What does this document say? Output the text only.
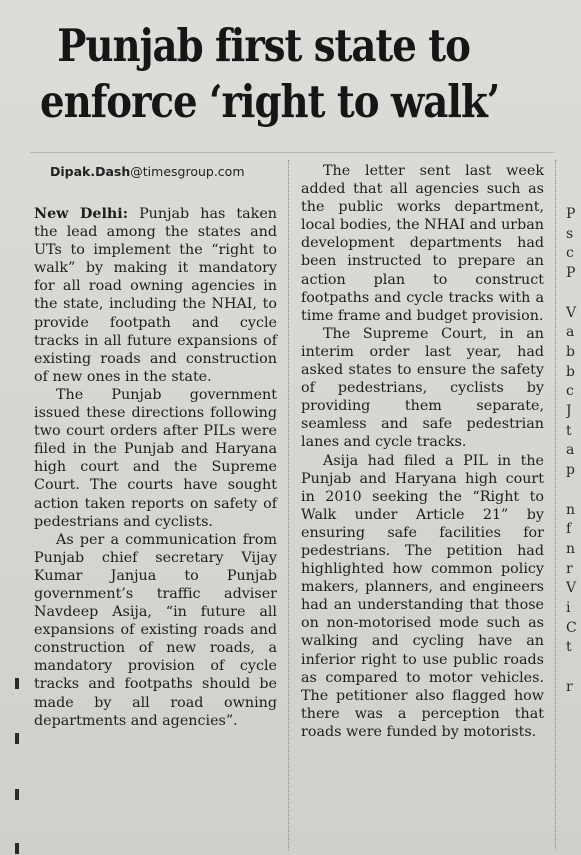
Punjab first state to
enforce ‘right to walk’
Dipak.Dash@timesgroup.com

New Delhi: Punjab has taken the lead among the states and UTs to implement the “right to walk” by making it mandatory for all road owning agencies in the state, including the NHAI, to provide footpath and cycle tracks in all future expansions of existing roads and construction of new ones in the state.

The Punjab government issued these directions following two court orders after PILs were filed in the Punjab and Haryana high court and the Supreme Court. The courts have sought action taken reports on safety of pedestrians and cyclists.

As per a communication from Punjab chief secretary Vijay Kumar Janjua to Punjab government’s traffic adviser Navdeep Asija, “in future all expansions of existing roads and construction of new roads, a mandatory provision of cycle tracks and footpaths should be made by all road owning departments and agencies”.

The letter sent last week added that all agencies such as the public works department, local bodies, the NHAI and urban development departments had been instructed to prepare an action plan to construct footpaths and cycle tracks with a time frame and budget provision.

The Supreme Court, in an interim order last year, had asked states to ensure the safety of pedestrians, cyclists by providing them separate, seamless and safe pedestrian lanes and cycle tracks.

Asija had filed a PIL in the Punjab and Haryana high court in 2010 seeking the “Right to Walk under Article 21” by ensuring safe facilities for pedestrians. The petition had highlighted how common policy makers, planners, and engineers had an understanding that those on non-motorised mode such as walking and cycling have an inferior right to use public roads as compared to motor vehicles. The petitioner also flagged how there was a perception that roads were funded by motorists.

P
s
c
P

V
a
b
b
c
J
t
a
p

n
f
n
r
V
i
C
t

r
